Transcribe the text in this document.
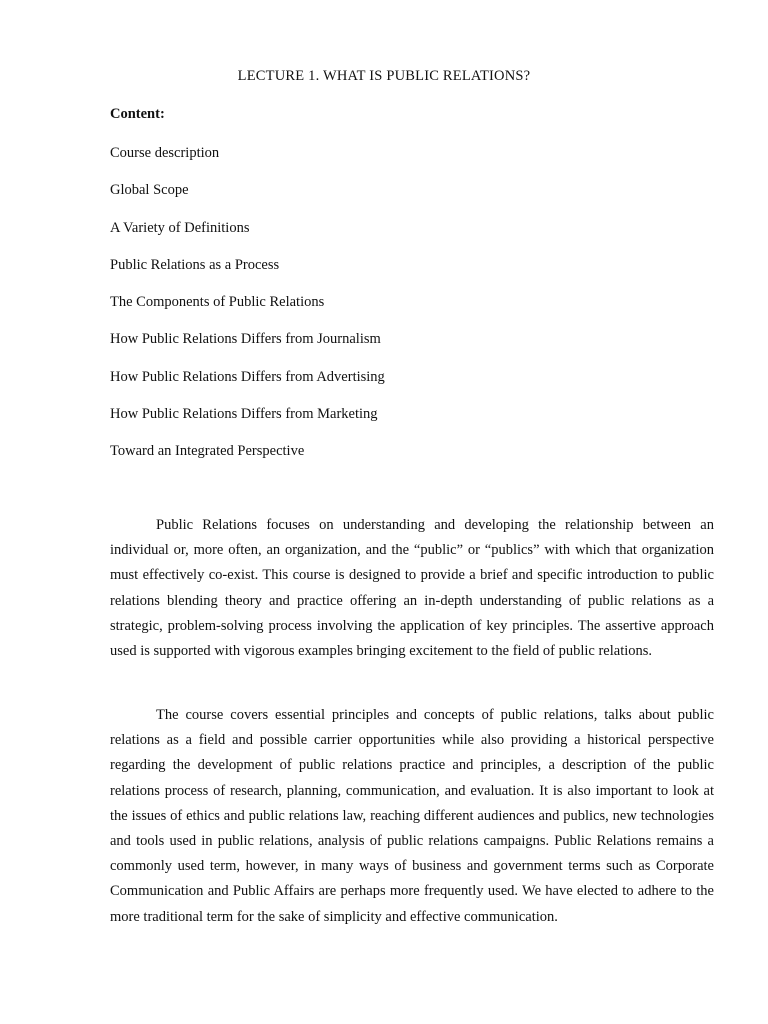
LECTURE 1. WHAT IS PUBLIC RELATIONS?
Content:
Course description
Global Scope
A Variety of Definitions
Public Relations as a Process
The Components of Public Relations
How Public Relations Differs from Journalism
How Public Relations Differs from Advertising
How Public Relations Differs from Marketing
Toward an Integrated Perspective

Public Relations focuses on understanding and developing the relationship between an individual or, more often, an organization, and the “public” or “publics” with which that organization must effectively co-exist. This course is designed to provide a brief and specific introduction to public relations blending theory and practice offering an in-depth understanding of public relations as a strategic, problem-solving process involving the application of key principles. The assertive approach used is supported with vigorous examples bringing excitement to the field of public relations.

The course covers essential principles and concepts of public relations, talks about public relations as a field and possible carrier opportunities while also providing a historical perspective regarding the development of public relations practice and principles, a description of the public relations process of research, planning, communication, and evaluation. It is also important to look at the issues of ethics and public relations law, reaching different audiences and publics, new technologies and tools used in public relations, analysis of public relations campaigns. Public Relations remains a commonly used term, however, in many ways of business and government terms such as Corporate Communication and Public Affairs are perhaps more frequently used. We have elected to adhere to the more traditional term for the sake of simplicity and effective communication.
